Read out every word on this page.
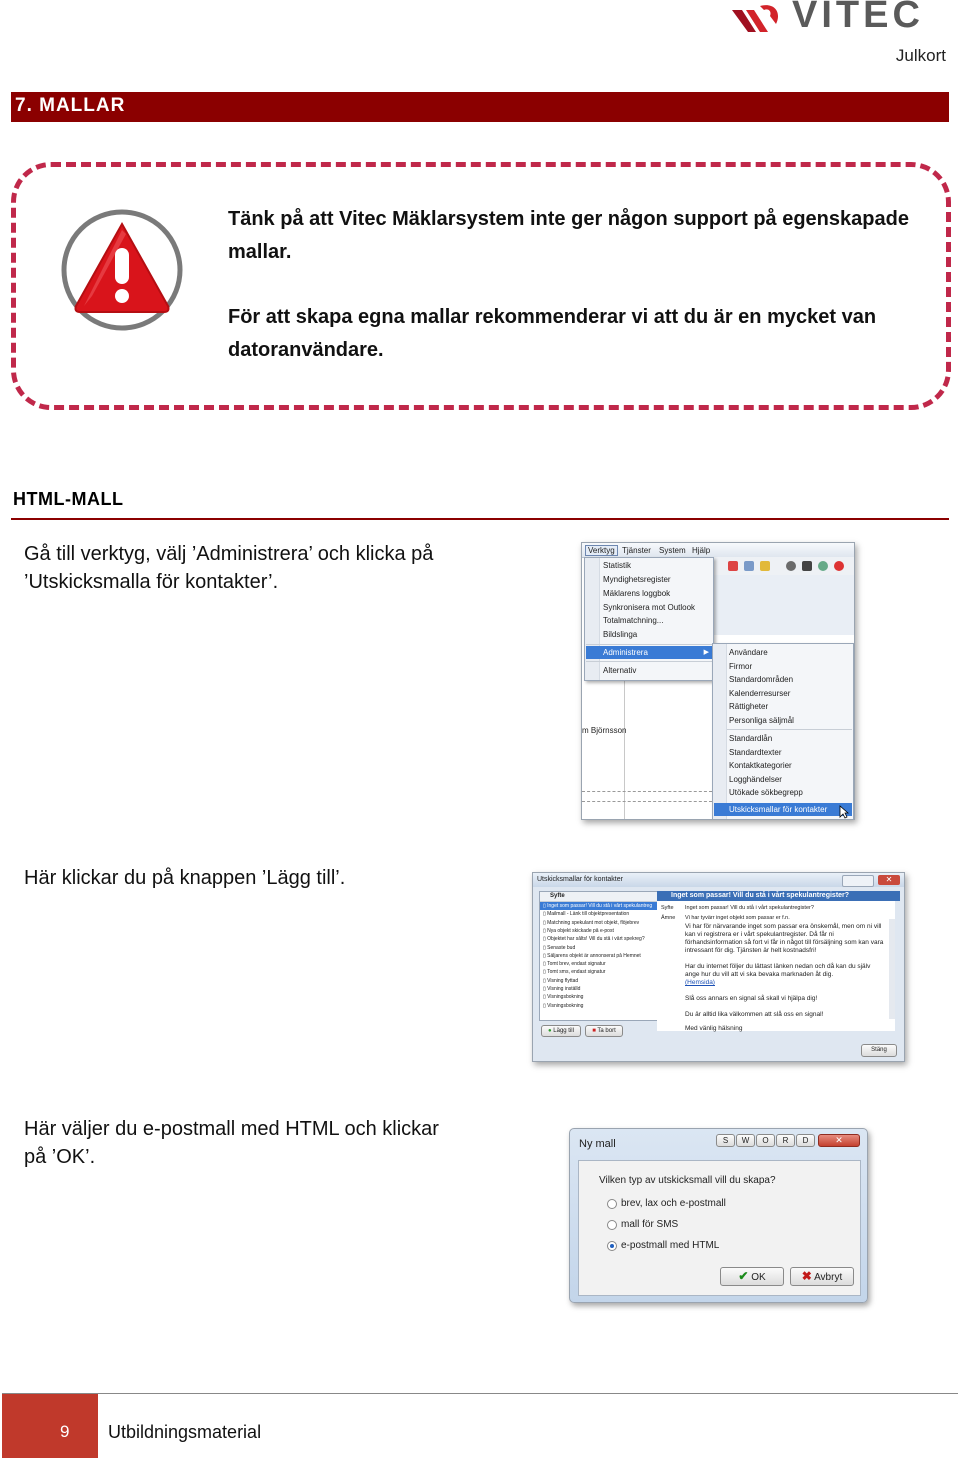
VITEC
Julkort
7. MALLAR
Tänk på att Vitec Mäklarsystem inte ger någon support på egenskapade
mallar.
För att skapa egna mallar rekommenderar vi att du är en mycket van
datoranvändare.
HTML-MALL
Gå till verktyg, välj ’Administrera’ och klicka på
’Utskicksmalla för kontakter’.
Verktyg Tjänster System Hjälp
m Björnsson
Statistik
Myndighetsregister
Mäklarens loggbok
Synkronisera mot Outlook
Totalmatchning...
Bildslinga
Administrera	▶
Alternativ
Användare
Firmor
Standardområden
Kalenderresurser
Rättigheter
Personliga säljmål
Standardlån
Standardtexter
Kontaktkategorier
Logghändelser
Utökade sökbegrepp
Utskicksmallar för kontakter
Här klickar du på knappen ’Lägg till’.	Utskicksmallar för kontakter	✕
Syfte
▯ Inget som passar! Vill du stå i vårt spekulantreg
▯ Mailmall - Länk till objektpresentation
▯ Matchning spekulant mot objekt, flöjebrev
▯ Nya objekt skickade på e-post
▯ Objektet har sålts! Vill du stå i vårt spekreg?
▯ Senaste bud
▯ Säljarens objekt är annonserat på Hemnet
▯ Tomt brev, endast signatur
▯ Tomt sms, endast signatur
▯ Visning flyttad
▯ Visning inställd
▯ Visningsbokning
▯ Visningsbokning
● Lägg till	■ Ta bort
Inget som passar! Vill du stå i vårt spekulantregister?
Syfte Inget som passar! Vill du stå i vårt spekulantregister?
Ämne Vi har tyvärr inget objekt som passar er f.n.
Vi har för närvarande inget som passar era önskemål, men om ni vill kan vi registrera er i vårt spekulantregister. Då får ni förhandsinformation så fort vi får in något till försäljning som kan vara intressant för dig. Tjänsten är helt kostnadsfri!
Har du internet följer du lättast länken nedan och då kan du själv ange hur du vill att vi ska bevaka marknaden åt dig.
(Hemsida)
Slå oss annars en signal så skall vi hjälpa dig!
Du är alltid lika välkommen att slå oss en signal!
Med vänlig hälsning
Stäng
Här väljer du e-postmall med HTML och klickar
på ’OK’.
Ny mall	S	W	O	R	D	✕
Vilken typ av utskicksmall vill du skapa?
brev, lax och e-postmall
mall för SMS
e-postmall med HTML
✔ OK	✖ Avbryt
9 Utbildningsmaterial
